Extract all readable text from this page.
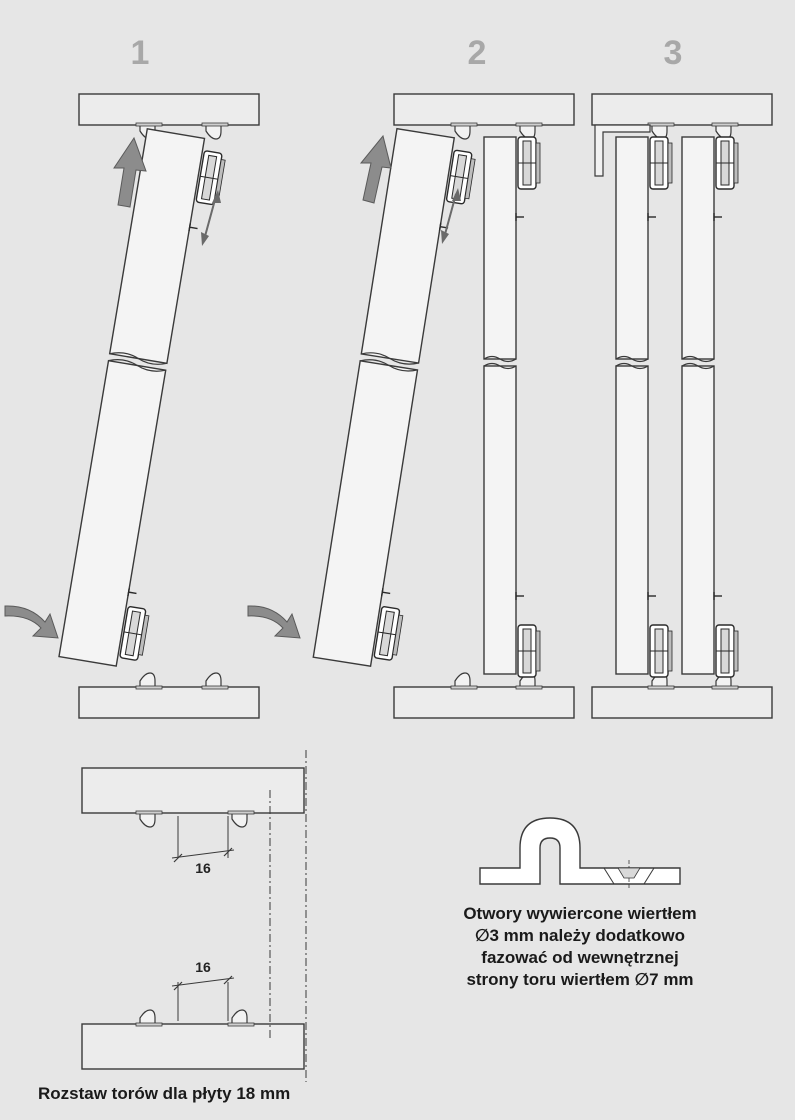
1	2	3
16
16
Otwory wywiercone wiertłem
∅3 mm należy dodatkowo
fazować od wewnętrznej
strony toru wiertłem ∅7 mm
Rozstaw torów dla płyty 18 mm
